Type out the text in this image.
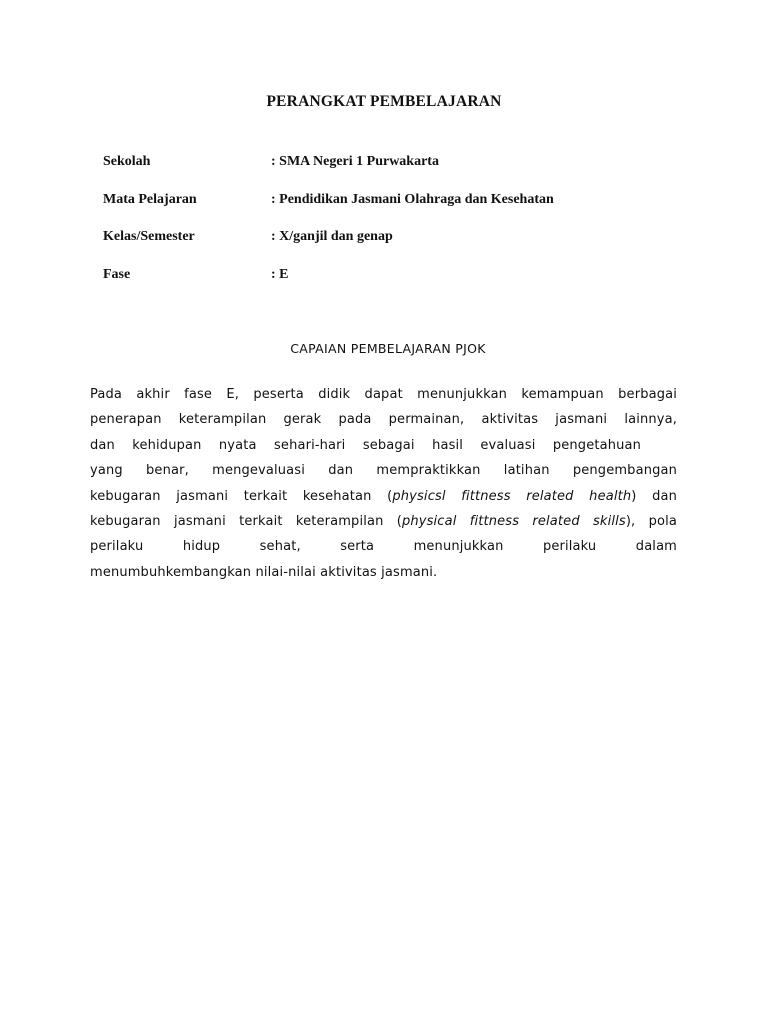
PERANGKAT PEMBELAJARAN
Sekolah	: SMA Negeri 1 Purwakarta
Mata Pelajaran	: Pendidikan Jasmani Olahraga dan Kesehatan
Kelas/Semester	: X/ganjil dan genap
Fase	: E
CAPAIAN PEMBELAJARAN PJOK
Pada akhir fase E, peserta didik dapat menunjukkan kemampuan berbagai
penerapan keterampilan gerak pada permainan, aktivitas jasmani lainnya,
dan kehidupan nyata sehari-hari sebagai hasil evaluasi pengetahuan
yang benar, mengevaluasi dan mempraktikkan latihan pengembangan
kebugaran jasmani terkait kesehatan (physicsl fittness related health) dan
kebugaran jasmani terkait keterampilan (physical fittness related skills), pola
perilaku hidup sehat, serta menunjukkan perilaku dalam
menumbuhkembangkan nilai-nilai aktivitas jasmani.
